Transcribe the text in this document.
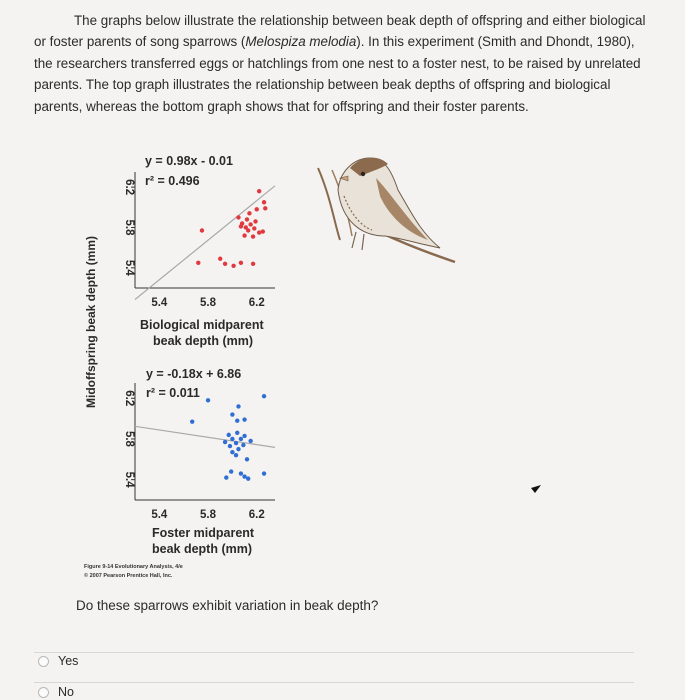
The graphs below illustrate the relationship between beak depth of offspring and either biological or foster parents of song sparrows (Melospiza melodia). In this experiment (Smith and Dhondt, 1980), the researchers transferred eggs or hatchlings from one nest to a foster nest, to be raised by unrelated parents. The top graph illustrates the relationship between beak depths of offspring and biological parents, whereas the bottom graph shows that for offspring and their foster parents.
Midoffspring beak depth (mm)
y = 0.98x - 0.01
r² = 0.496
Biological midparent
beak depth (mm)
y = -0.18x + 6.86
r² = 0.011
Foster midparent
beak depth (mm)
Figure 9-14 Evolutionary Analysis, 4/e
© 2007 Pearson Prentice Hall, Inc.
5.4
5.8
6.2
5.4	5.8	6.2
5.4
5.8
6.2
5.4	5.8	6.2
Do these sparrows exhibit variation in beak depth?
Yes
No
